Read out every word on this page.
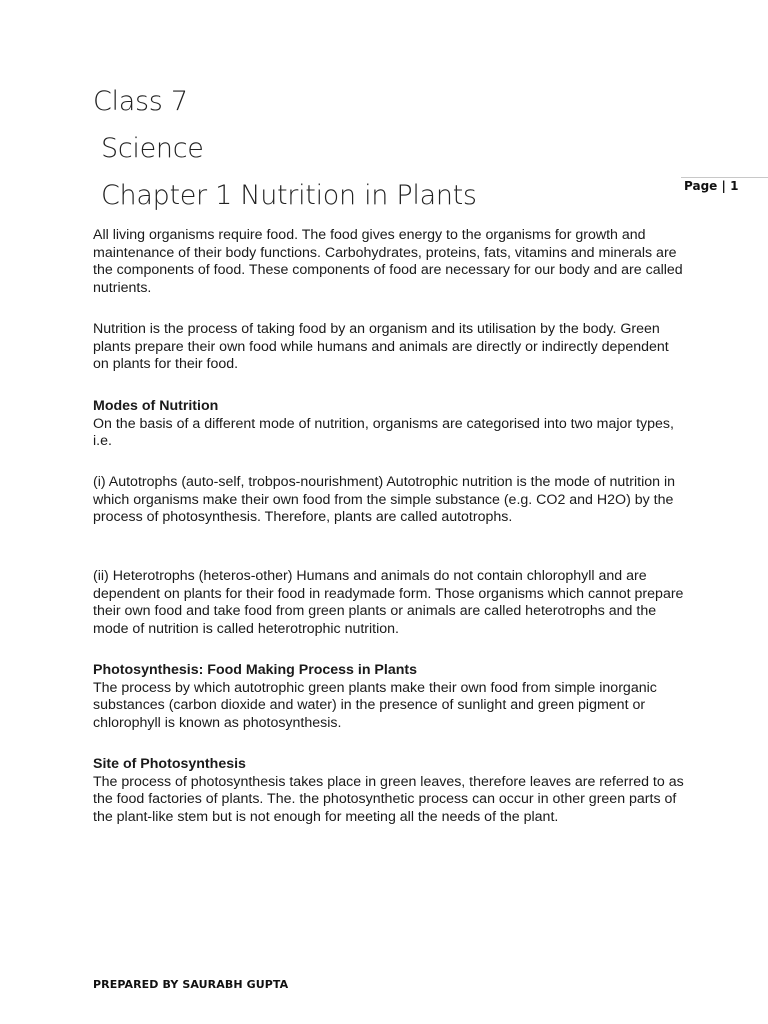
Class 7
Science
Chapter 1 Nutrition in Plants	Page | 1

All living organisms require food. The food gives energy to the organisms for growth and maintenance of their body functions. Carbohydrates, proteins, fats, vitamins and minerals are the components of food. These components of food are necessary for our body and are called nutrients.

Nutrition is the process of taking food by an organism and its utilisation by the body. Green plants prepare their own food while humans and animals are directly or indirectly dependent on plants for their food.

Modes of Nutrition
On the basis of a different mode of nutrition, organisms are categorised into two major types, i.e.

(i) Autotrophs (auto-self, trobpos-nourishment) Autotrophic nutrition is the mode of nutrition in which organisms make their own food from the simple substance (e.g. CO2 and H2O) by the process of photosynthesis. Therefore, plants are called autotrophs.

(ii) Heterotrophs (heteros-other) Humans and animals do not contain chlorophyll and are dependent on plants for their food in readymade form. Those organisms which cannot prepare their own food and take food from green plants or animals are called heterotrophs and the mode of nutrition is called heterotrophic nutrition.

Photosynthesis: Food Making Process in Plants
The process by which autotrophic green plants make their own food from simple inorganic substances (carbon dioxide and water) in the presence of sunlight and green pigment or chlorophyll is known as photosynthesis.

Site of Photosynthesis
The process of photosynthesis takes place in green leaves, therefore leaves are referred to as the food factories of plants. The. the photosynthetic process can occur in other green parts of the plant-like stem but is not enough for meeting all the needs of the plant.

PREPARED BY SAURABH GUPTA
